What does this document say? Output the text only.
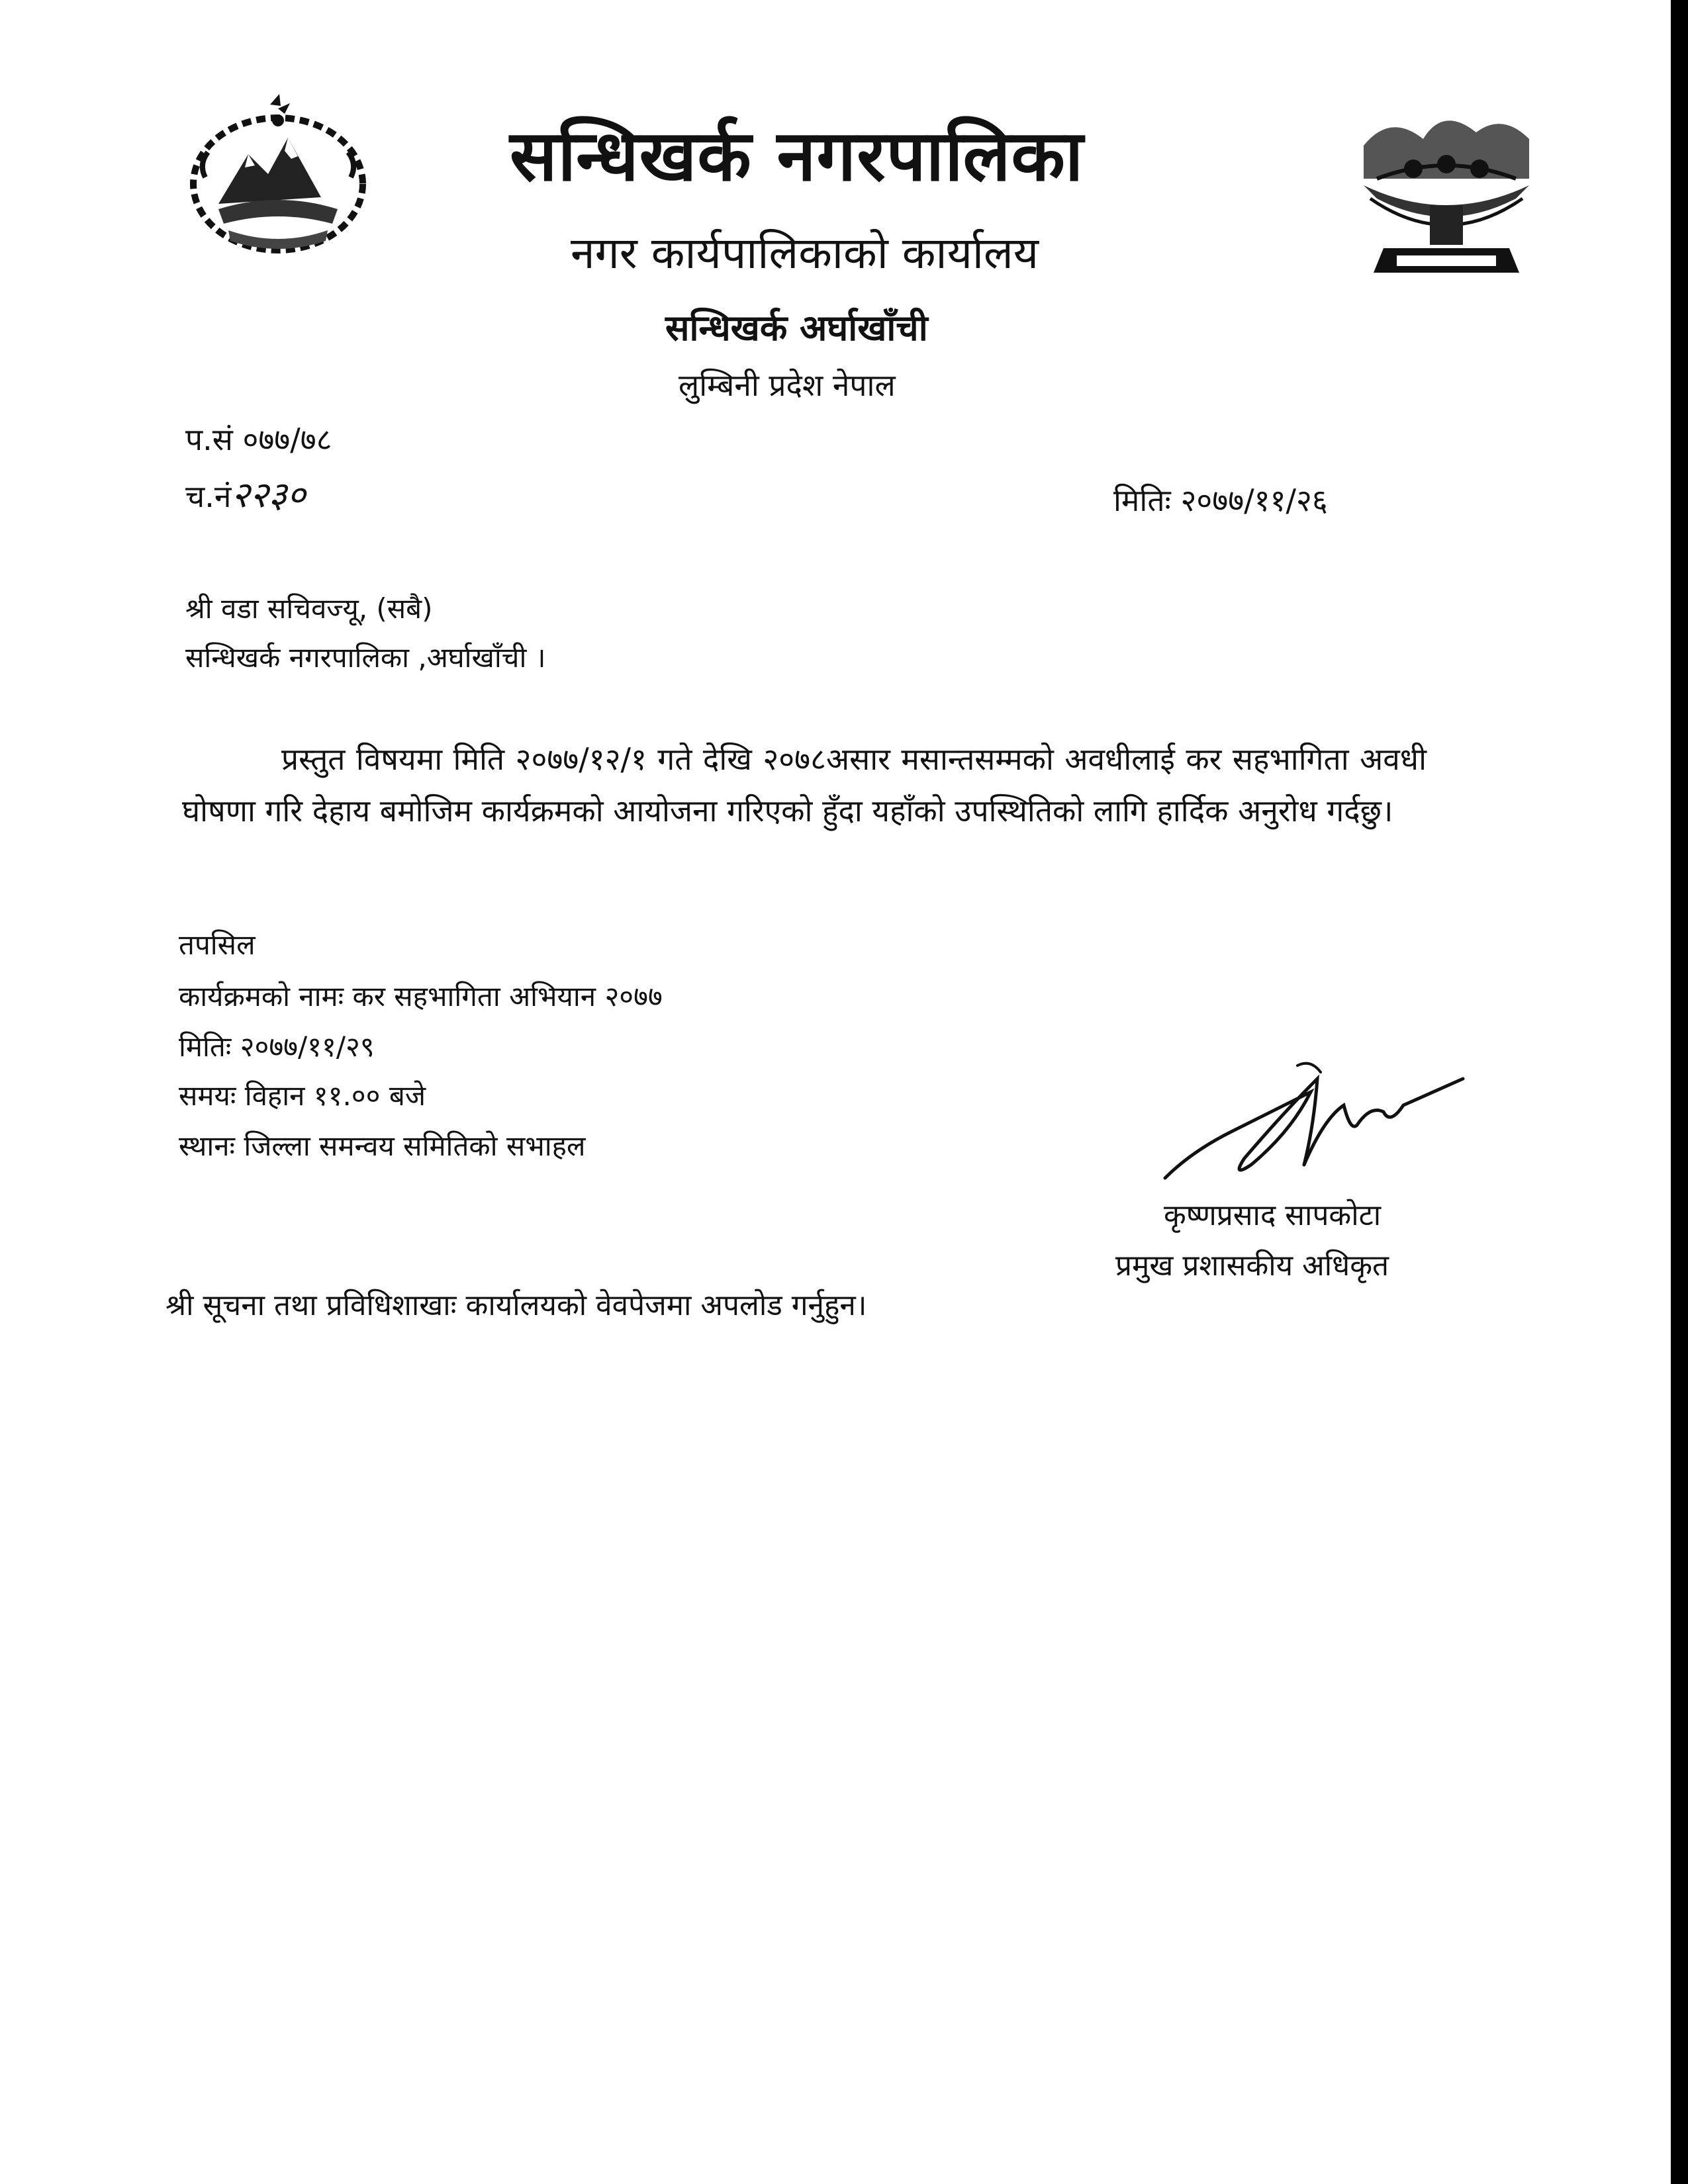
सन्धिखर्क नगरपालिका
नगर कार्यपालिकाको कार्यालय
सन्धिखर्क अर्घाखाँची
लुम्बिनी प्रदेश नेपाल
प.सं ०७७/७८
च.नं२२३०	मितिः २०७७/११/२६
श्री वडा सचिवज्यू, (सबै)
सन्धिखर्क नगरपालिका ,अर्घाखाँची ।
प्रस्तुत विषयमा मिति २०७७/१२/१ गते देखि २०७८असार मसान्तसम्मको अवधीलाई कर सहभागिता अवधी घोषणा गरि देहाय बमोजिम कार्यक्रमको आयोजना गरिएको हुँदा यहाँको उपस्थितिको लागि हार्दिक अनुरोध गर्दछु।
तपसिल
कार्यक्रमको नामः कर सहभागिता अभियान २०७७
मितिः २०७७/११/२९
समयः विहान ११.०० बजे
स्थानः जिल्ला समन्वय समितिको सभाहल
कृष्णप्रसाद सापकोटा
प्रमुख प्रशासकीय अधिकृत
श्री सूचना तथा प्रविधिशाखाः कार्यालयको वेवपेजमा अपलोड गर्नुहुन।
